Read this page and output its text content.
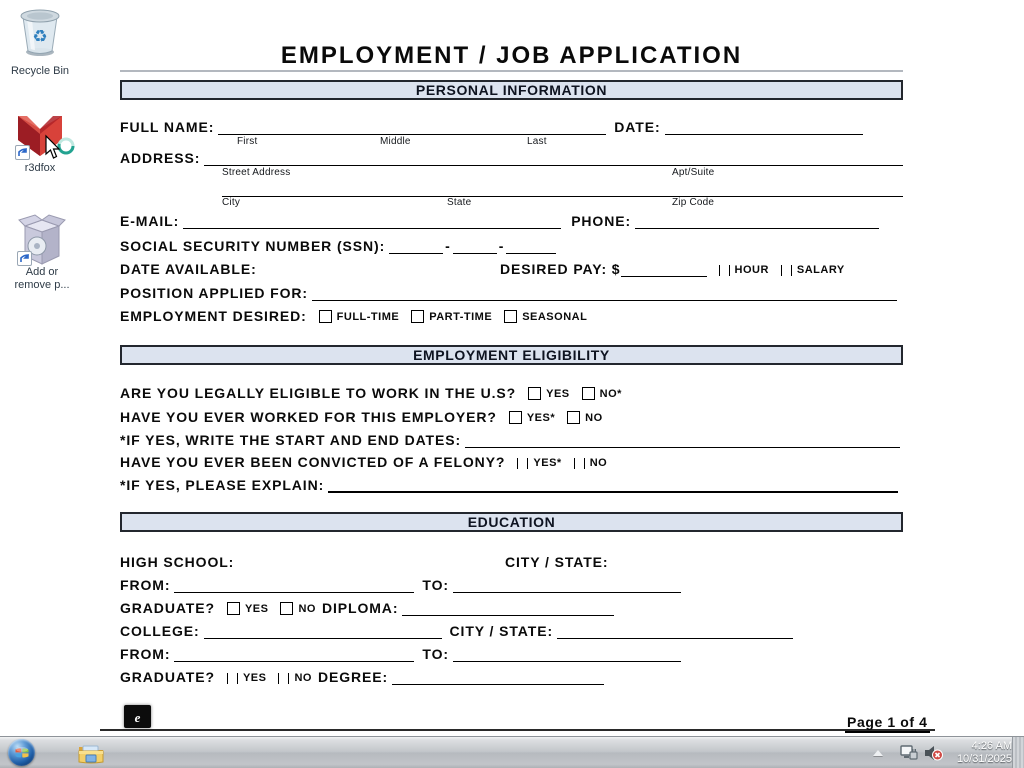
♻
Recycle Bin
r3dfox
Add or
remove p...
EMPLOYMENT / JOB APPLICATION
PERSONAL INFORMATION
FULL NAME:	DATE:
First	Middle	Last
ADDRESS:
Street Address	Apt/Suite
City	State	Zip Code
E-MAIL:	PHONE:
SOCIAL SECURITY NUMBER (SSN):	-	-
DATE AVAILABLE:	DESIRED PAY: $	HOUR	SALARY
POSITION APPLIED FOR:
EMPLOYMENT DESIRED:	FULL-TIME	PART-TIME	SEASONAL
EMPLOYMENT ELIGIBILITY
ARE YOU LEGALLY ELIGIBLE TO WORK IN THE U.S?	YES	NO*
HAVE YOU EVER WORKED FOR THIS EMPLOYER?	YES*	NO
*IF YES, WRITE THE START AND END DATES:
HAVE YOU EVER BEEN CONVICTED OF A FELONY?	YES*	NO
*IF YES, PLEASE EXPLAIN:
EDUCATION
HIGH SCHOOL:	CITY / STATE:
FROM:	TO:
GRADUATE?	YES	NO DIPLOMA:
COLLEGE:	CITY / STATE:
FROM:	TO:
GRADUATE?	YES	NO DEGREE:
Page 1 of 4
e
4:26 AM
10/31/2025
